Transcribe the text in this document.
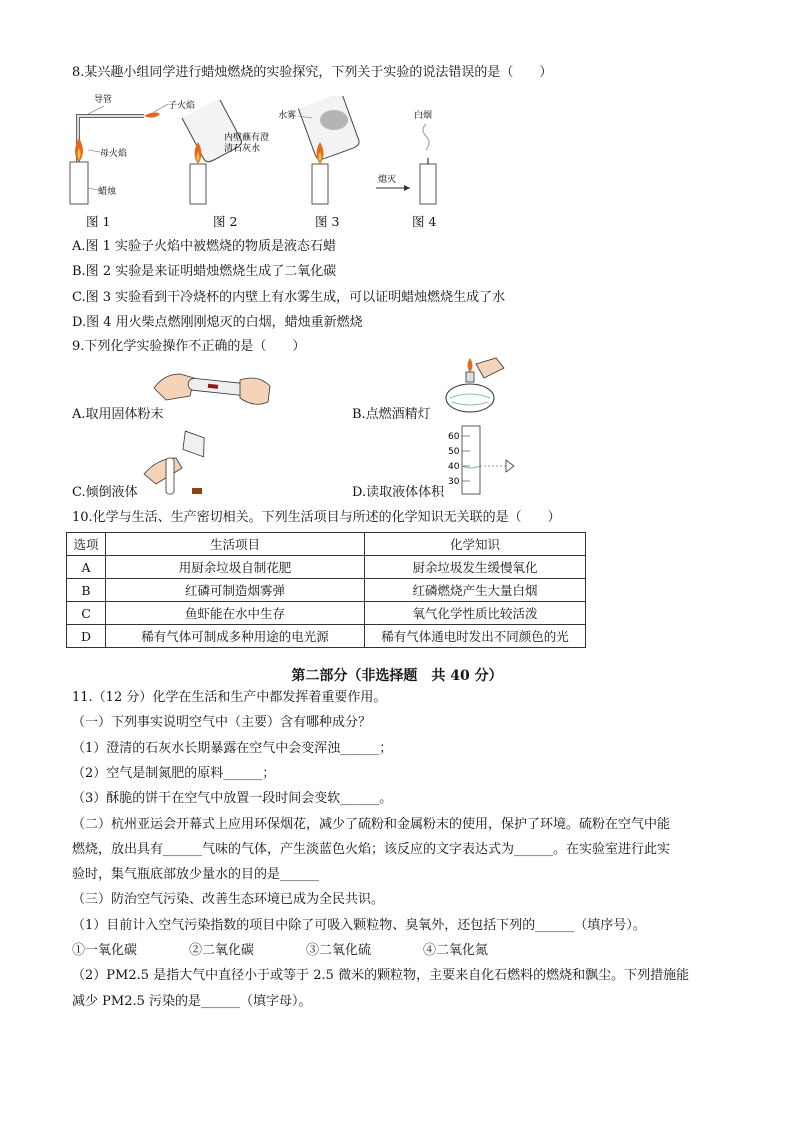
8.某兴趣小组同学进行蜡烛燃烧的实验探究，下列关于实验的说法错误的是（　　）
导管
子火焰
母火焰
蜡烛
内壁蘸有澄
清石灰水
水雾	白烟
熄灭
图 1	图 2	图 3	图 4
A.图 1 实验子火焰中被燃烧的物质是液态石蜡
B.图 2 实验是来证明蜡烛燃烧生成了二氧化碳
C.图 3 实验看到干冷烧杯的内壁上有水雾生成，可以证明蜡烛燃烧生成了水
D.图 4 用火柴点燃刚刚熄灭的白烟，蜡烛重新燃烧
9.下列化学实验操作不正确的是（　　）
A.取用固体粉末	B.点燃酒精灯
C.倾倒液体
60
50
40
30
D.读取液体体积
10.化学与生活、生产密切相关。下列生活项目与所述的化学知识无关联的是（　　）
选项	生活项目	化学知识
A	用厨余垃圾自制花肥	厨余垃圾发生缓慢氧化
B	红磷可制造烟雾弹	红磷燃烧产生大量白烟
C	鱼虾能在水中生存	氧气化学性质比较活泼
D	稀有气体可制成多种用途的电光源	稀有气体通电时发出不同颜色的光
第二部分（非选择题　共 40 分）
11.（12 分）化学在生活和生产中都发挥着重要作用。
（一）下列事实说明空气中（主要）含有哪种成分？
（1）澄清的石灰水长期暴露在空气中会变浑浊______；
（2）空气是制氮肥的原料______；
（3）酥脆的饼干在空气中放置一段时间会变软______。
（二）杭州亚运会开幕式上应用环保烟花，减少了硫粉和金属粉末的使用，保护了环境。硫粉在空气中能
燃烧，放出具有______气味的气体，产生淡蓝色火焰；该反应的文字表达式为______。在实验室进行此实
验时，集气瓶底部放少量水的目的是______
（三）防治空气污染、改善生态环境已成为全民共识。
（1）目前计入空气污染指数的项目中除了可吸入颗粒物、臭氧外，还包括下列的______（填序号）。
①一氧化碳　　　　②二氧化碳　　　　③二氧化硫　　　　④二氧化氮
（2）PM2.5 是指大气中直径小于或等于 2.5 微米的颗粒物，主要来自化石燃料的燃烧和飘尘。下列措施能
减少 PM2.5 污染的是______（填字母）。
